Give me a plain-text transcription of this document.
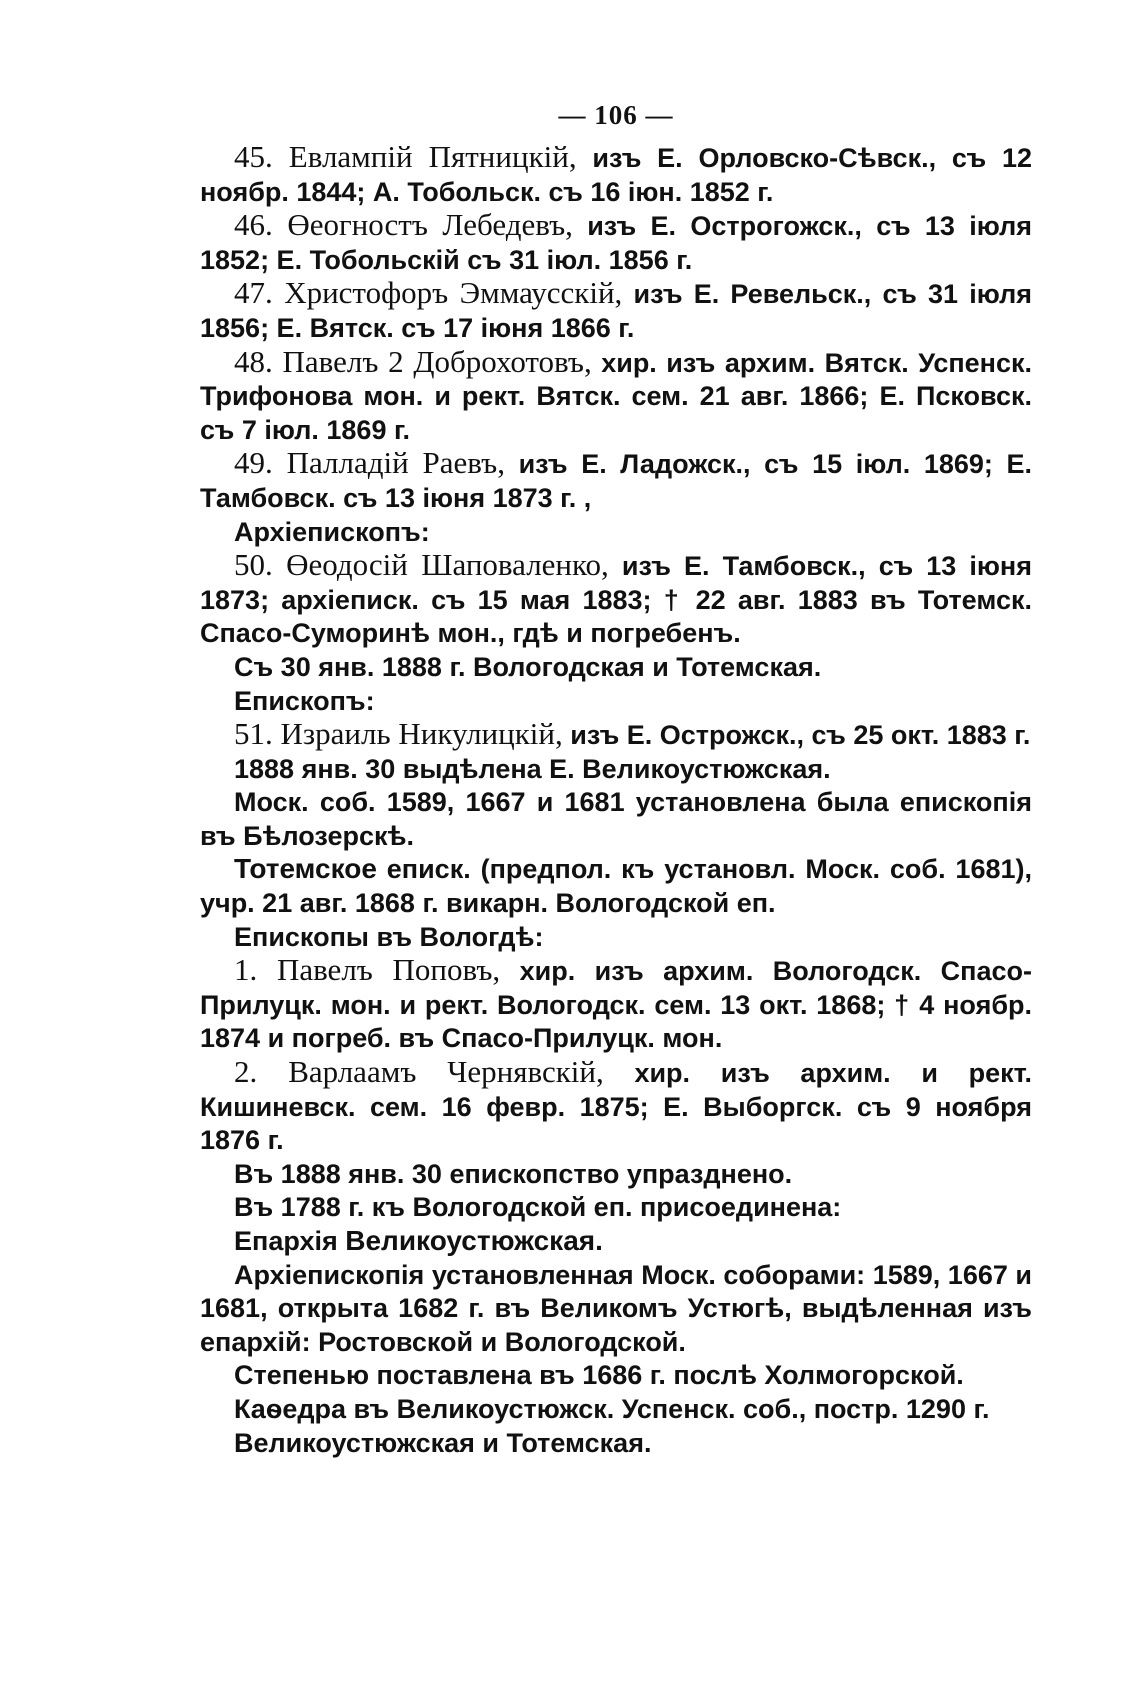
— 106 —

45. Евлампій Пятницкій, изъ Е. Орловско-Сѣвск., съ 12 ноябр. 1844; А. Тобольск. съ 16 іюн. 1852 г.

46. Өеогностъ Лебедевъ, изъ Е. Острогожск., съ 13 іюля 1852; Е. Тобольскій съ 31 іюл. 1856 г.

47. Христофоръ Эммаусскій, изъ Е. Ревельск., съ 31 іюля 1856; Е. Вятск. съ 17 іюня 1866 г.

48. Павелъ 2 Доброхотовъ, хир. изъ архим. Вятск. Успенск. Трифонова мон. и рект. Вятск. сем. 21 авг. 1866; Е. Псковск. съ 7 іюл. 1869 г.

49. Палладій Раевъ, изъ Е. Ладожск., съ 15 іюл. 1869; Е. Тамбовск. съ 13 іюня 1873 г. ,

Архіепископъ:

50. Өеодосій Шаповаленко, изъ Е. Тамбовск., съ 13 іюня 1873; архіеписк. съ 15 мая 1883; † 22 авг. 1883 въ Тотемск. Спасо-Суморинѣ мон., гдѣ и погребенъ.

Съ 30 янв. 1888 г. Вологодская и Тотемская.

Епископъ:

51. Израиль Никулицкій, изъ Е. Острожск., съ 25 окт. 1883 г.

1888 янв. 30 выдѣлена Е. Великоустюжская.

Моск. соб. 1589, 1667 и 1681 установлена была епископія въ Бѣлозерскѣ.

Тотемское еписк. (предпол. къ установл. Моск. соб. 1681), учр. 21 авг. 1868 г. викарн. Вологодской еп.

Епископы въ Вологдѣ:

1. Павелъ Поповъ, хир. изъ архим. Вологодск. Спасо-Прилуцк. мон. и рект. Вологодск. сем. 13 окт. 1868; † 4 ноябр. 1874 и погреб. въ Спасо-Прилуцк. мон.

2. Варлаамъ Чернявскій, хир. изъ архим. и рект. Кишиневск. сем. 16 февр. 1875; Е. Выборгск. съ 9 ноября 1876 г.

Въ 1888 янв. 30 епископство упразднено.

Въ 1788 г. къ Вологодской еп. присоединена:

Епархія Великоустюжская.

Архіепископія установленная Моск. соборами: 1589, 1667 и 1681, открыта 1682 г. въ Великомъ Устюгѣ, выдѣленная изъ епархій: Ростовской и Вологодской.

Степенью поставлена въ 1686 г. послѣ Холмогорской.

Каѳедра въ Великоустюжск. Успенск. соб., постр. 1290 г.

Великоустюжская и Тотемская.
